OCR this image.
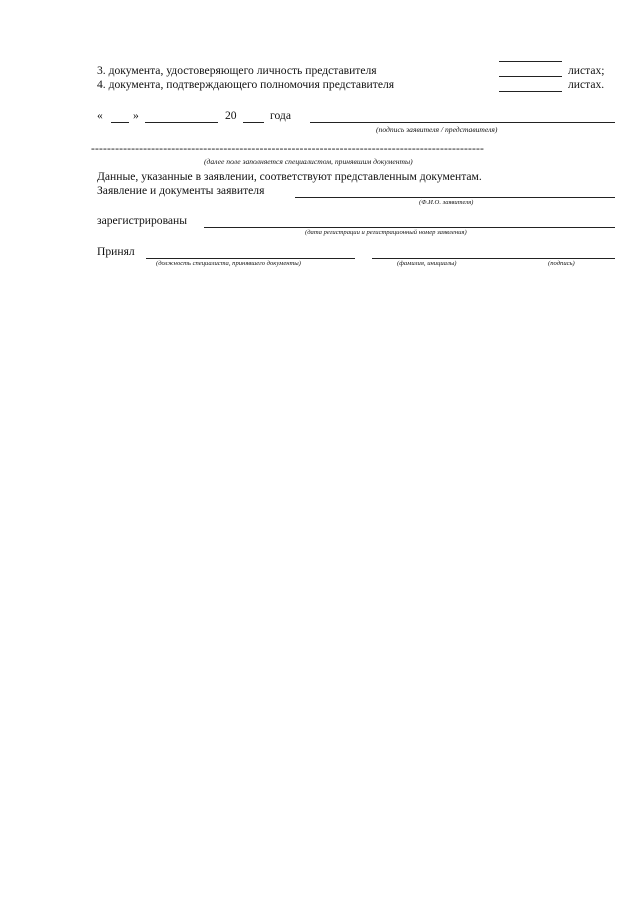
3. документа, удостоверяющего личность представителя	листах;
4. документа, подтверждающего полномочия представителя	листах.
«	»	20	года
(подпись заявителя / представителя)
--------------------------------------------------------------------------------------------------
(далее поле заполняется специалистом, принявшим документы)
Данные, указанные в заявлении, соответствуют представленным документам.
Заявление и документы заявителя
(Ф.И.О. заявителя)
зарегистрированы
(дата регистрации и регистрационный номер заявления)
Принял
(должность специалиста, принявшего документы)	(фамилия, инициалы)	(подпись)
